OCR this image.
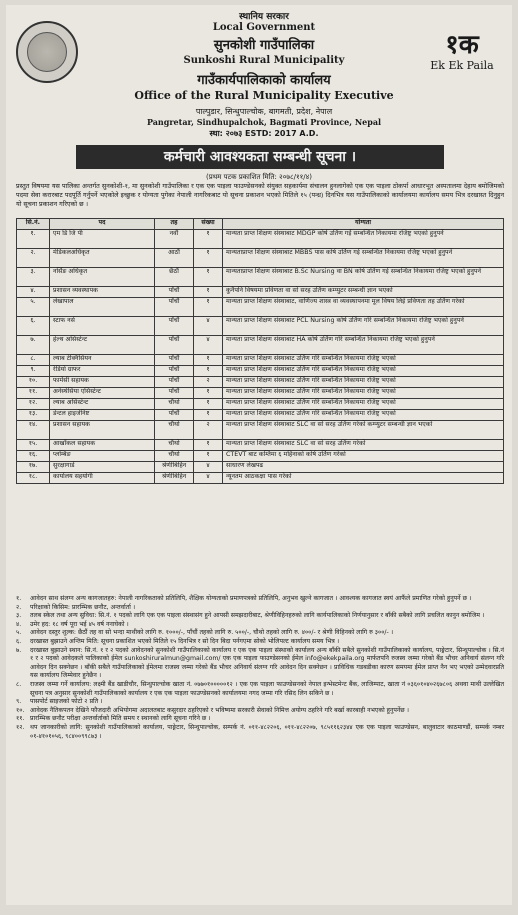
स्थानिय सरकार
Local Government
सुनकोशी गाउँपालिका
Sunkoshi Rural Municipality
गाउँकार्यपालिकाको कार्यालय
Office of the Rural Municipality Executive
पाल्पुडार, सिन्धुपाल्चोक, बागमती, प्रदेश, नेपाल
Pangretar, Sindhupalchok, Bagmati Province, Nepal
स्था: २०७३ ESTD: 2017 A.D.
१क
Ek Ek Paila
कर्मचारी आवश्यकता सम्बन्धी सूचना ।
(प्रथम पटक प्रकाशित मिति: २०७८/११/४)
प्रस्तुत विषयमा यस पालिका अन्तर्गत सुनकोशी-१, मा सुनकोशी गाउँपालिका र एक एक पाइला फाउण्डेसनको संयुक्त सहकार्यमा संचालन हुनलागेको एक एक पाइला ठोकर्पा आधारभूत अस्पतालमा देहाय बमोजिमको पदमा सेवा करारबाट पदपूर्ति गर्नुपर्ने भएकोले इच्छुक र योग्यता पुगेका नेपाली नागरिकबाट यो सूचना प्रकाशन भएको मितिले १५ (पन्ध्र) दिनभित्र यस गाउँपालिकाको कार्यालयमा कार्यालय समय भित्र दरखास्त दिनुहुन यो सूचना प्रकाशन गरिएको छ ।
सि.नं.	पद	तह	संख्या	योग्यता
१.	एम डि जि पी	नवौं	१	मान्यता प्राप्त शिक्षण संस्थाबाट MDGP कोर्ष उर्तिण गर्ई सम्बन्धित निकायमा रजिष्ट्र भएको हुनुपर्ने
२.	मेडिकलअधिकृत	आठौं	१	मान्यताप्राप्त शिक्षण संस्थाबाट MBBS पास कोर्ष उर्तिण गई सम्बन्धित निकायमा रजिष्ट्र भएको हुनुपर्ने
३.	नर्सिङ अधिकृत	छैठौं	१	मान्यताप्राप्त शिक्षण संस्थाबाट B.Sc Nursing वा BN कोर्ष उर्तिण गई सम्बन्धित निकायमा रजिष्ट्र भएको हुनुपर्ने
४.	प्रशासन व्यवस्थापक	पाँचौं	१	कुनैपनि विषयमा प्रविणता वा सो सरह उर्तिण कम्प्युटर सम्बन्धी ज्ञान भएको
५.	लेखापाल	पाँचौं	१	मान्यता प्राप्त शिक्षण संस्थाबाट, वाणिज्य शास्त्र वा व्यवस्थापनमा मूल विषय लिई प्रविणता तह उर्तिण गरेको
६.	स्टाफ नर्स	पाँचौं	४	मान्यता प्राप्त शिक्षण संस्थाबाट PCL Nursing कोर्ष उर्तिण गरि सम्बन्धित निकायमा रजिष्ट्र भएको हुनुपर्ने
७.	हेल्थ असिस्टेन्ट	पाँचौं	४	मान्यता प्राप्त शिक्षण संस्थाबाट HA कोर्ष उर्तिण गरि सम्बन्धित निकायमा रजिष्ट्र भएको हुनुपर्ने
८.	ल्याब टेक्निसियन	पाँचौं	१	मान्यता प्राप्त शिक्षण संस्थाबाट उर्तिण गरि सम्बन्धित निकायमा रजिष्ट्र भएको
९.	रेडियो ग्राफर	पाँचौं	१	मान्यता प्राप्त शिक्षण संस्थाबाट उर्तिण गरि सम्बन्धित निकायमा रजिष्ट्र भएको
१०.	फार्मेसी सहायक	पाँचौं	२	मान्यता प्राप्त शिक्षण संस्थाबाट उर्तिण गरि सम्बन्धित निकायमा रजिष्ट्र भएको
११.	अनेस्थेसिया एसिस्टेन्ट	पाँचौं	१	मान्यता प्राप्त शिक्षण संस्थाबाट उर्तिण गरि सम्बन्धित निकायमा रजिष्ट्र भएको
१२.	ल्याब असिस्टेन्ट	चौथो	१	मान्यता प्राप्त शिक्षण संस्थाबाट उर्तिण गरि सम्बन्धित निकायमा रजिष्ट्र भएको
१३.	डेन्टल हाइजेनिष्ट	पाँचौं	१	मान्यता प्राप्त शिक्षण संस्थाबाट उर्तिण गरि सम्बन्धित निकायमा रजिष्ट्र भएको
१४.	प्रशासन सहायक	चौथो	२	मान्यता प्राप्त शिक्षण संस्थाबाट SLC वा सो सरह उर्तिण गरेको कम्प्युटर सम्बन्धी ज्ञान भएको
१५.	आखाँकल सहायक	चौथो	१	मान्यता प्राप्त शिक्षण संस्थाबाट SLC वा सो सरह उर्तिण गरेको
१६.	प्लम्बिङ	चौथो	१	CTEVT बाट कम्तिमा ६ महिनाको कोर्ष उर्तिण गरेको
१७.	सुरक्षागार्ड	श्रेणीबिहिन	४	साधारण लेखपढ
१८.	कार्यालय सहयोगी	श्रेणीबिहिन	४	न्यूनतम आठकक्षा पास गरेको
१.	आवेदन साथ संलग्न अन्य कागजातहरु: नेपाली नागरिकताको प्रतिलिपि, शैक्षिक योग्यताको प्रमाणपत्रको प्रतिलिपि, अनुभव खुल्ने कागजात । आवश्यक कागजात स्वयं आफैंले प्रमाणित गरेको हुनुपर्ने छ ।
२.	परिक्षाको किसिम: प्रारम्भिक छनौट, अन्तर्वार्ता ।
३.	तलब स्केल तथा अन्य सुविधा: सि.नं. १ पदको लागि एक एक पाइला संस्थासंग हुने आपसी समझदारीबाट, श्रेणीविहिनहरुको लागि कार्यपालिकाको निर्णयानुसार र बाँकी सबैको लागि प्रचलित कानुन बमोजिम ।
४.	उमेर हद: १८ वर्ष पूरा भई ४५ वर्ष ननाघेको ।
५.	आवेदन दस्तुर शुल्क: छैठौं तह वा सो भन्दा माथीको लागि रु. १०००/-, पाँचौं तहको लागि रु. ५००/-, चौथो तहको लागि रु. ४००/- र श्रेणी विहिनको लागि रु ३००/- ।
६.	दरखास्त बुझाउने अन्तिम मिति: सूचना प्रकाशित भएको मितिले १५ दिनभित्र र सो दिन बिदा पर्नगएमा सोको भोलिपल्ट कार्यालय समय भित्र ।
७.	दरखास्त बुझाउने स्थान: सि.नं. १ र २ पदको आवेदनको सुनकोशी गाउँपालिकाको कार्यालय र एक एक पाइला संस्थाको कार्यालय अन्य बाँकी सबैले सुनकोशी गाउँपालिकाको कार्यालय, पाङ्गेटार, सिन्धुपाल्चोक । सि.नं १ र २ पदको आवेदकले पालिकाको ईमेल sunkoshiruralmun@gmail.com/ एक एक पाइला फाउण्डेसनको ईमेल info@ekekpaila.org मार्फतपनि रुजस्व जम्मा गरेको बैंड भौचर अनिवार्य संलग्न गरि आवेदन दिन सक्नेछन । बाँकी सबैले गाउँपालिकाको ईमेलमा राजस्व जम्मा गरेको बैंड भौचर अनिवार्य संलग्न गरि आवेदन दिन सक्नेछन । प्राविधिक गडबडीका कारण समयमा ईमेल प्राप्त नैन भए भएको उम्मेदवारप्रति यस कार्यालय जिम्मेवार हुनेछैन ।
८.	राजस्व जम्मा गर्ने कार्यालय: लक्ष्मी बैंड खाडीचौर, सिन्धुपाल्चोक खाता नं. ०७७०१०००००१२ । एक एक पाइला फाउण्डेसनको नेपाल इन्भेस्टमेन्ट बैंक, लाजिम्पाट, खाता नं ०३६०१०४०२६७८०६ अथवा माथी उल्लेखित सूचना पत्र अनुसार सुनकोशी गाउँपालिकाको कार्यालय र एक एक पाइला फाउण्डेसनको कार्यालयमा नगद जम्मा गरि रसिद लिन सकिने छ ।
९.	पासपोर्ट साइजको फोटो २ प्रति ।
१०. आवेदक नैतिकपतन देखिने फौजदारी अभियोगमा अदालतबाट कसुरदार ठहरिएको र भविष्यमा सरकारी सेवाको निमित्त अयोग्य ठहरिने गरि बर्खा कारबाही नभएको हुनुपर्नेछ ।
११. प्रारम्भिक छनौट परीक्षा अन्तर्वार्ताको मिति समय र स्थानको लागि सूचना गरिने छ ।
१२. थप जानकारीको लागि: सुनकोशी गाउँपालिकाको कार्यालय, पाङ्गेटार, सिन्धुपाल्चोक, सम्पर्क नं. ०११-४८२२०६, ०११-४८२२०७, ९८५११६२३४४ एक एक पाइला फाउण्डेसन, बालुवाटार काठमाण्डौं, सम्पर्क नम्बर ०१-४१०१०५६, ९८४००९९८७३ ।
